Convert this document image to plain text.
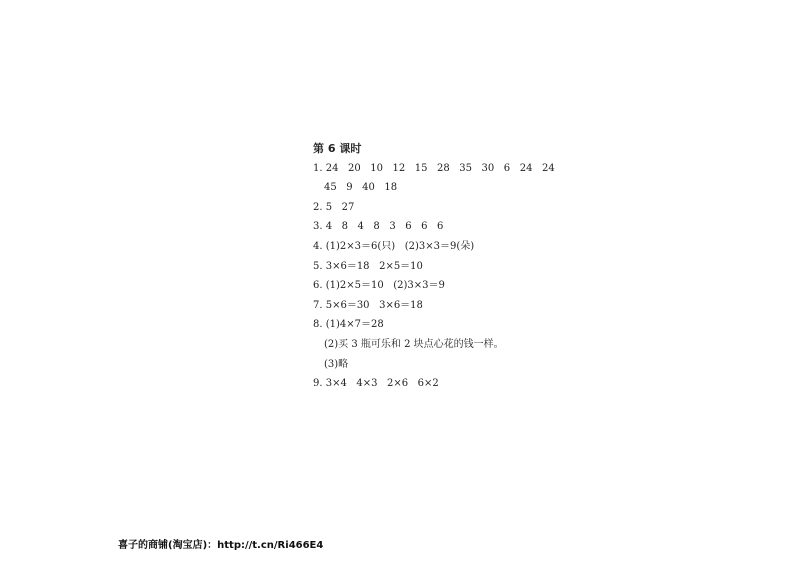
第 6 课时
1. 24   20   10   12   15   28   35   30   6   24   24
45   9   40   18
2. 5   27
3. 4   8   4   8   3   6   6   6
4. (1)2×3＝6(只)   (2)3×3＝9(朵)
5. 3×6＝18   2×5＝10
6. (1)2×5＝10   (2)3×3＝9
7. 5×6＝30   3×6＝18
8. (1)4×7＝28
(2)买 3 瓶可乐和 2 块点心花的钱一样。
(3)略
9. 3×4   4×3   2×6   6×2
喜子的商铺(淘宝店)：http://t.cn/Ri466E4
